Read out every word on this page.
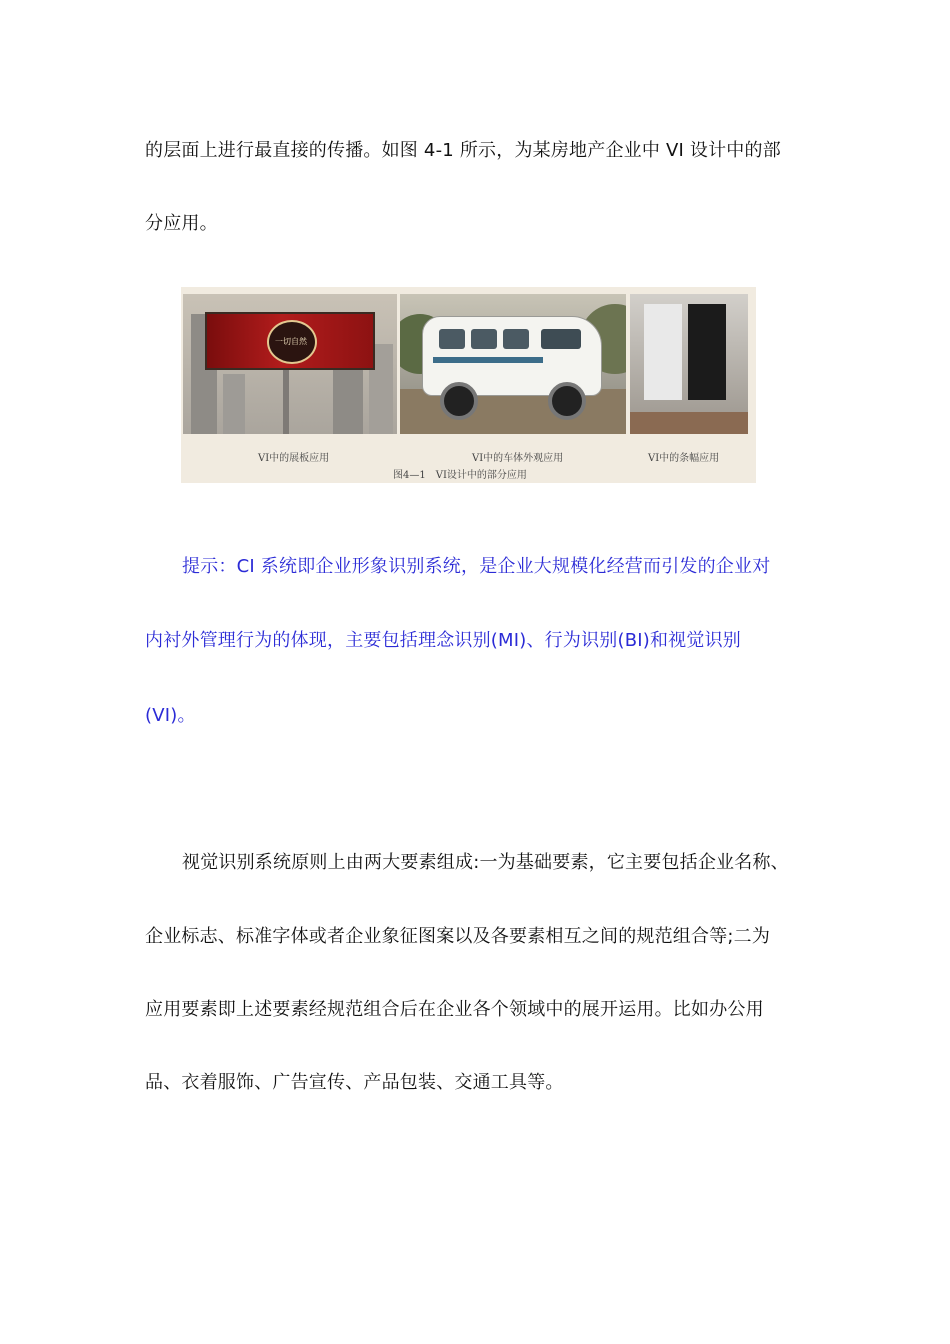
的层面上进行最直接的传播。如图 4-1 所示，为某房地产企业中 VI 设计中的部
分应用。
一切自然
VI中的展板应用	VI中的车体外观应用	VI中的条幅应用
图4—1　VI设计中的部分应用
提示：CI 系统即企业形象识别系统，是企业大规模化经营而引发的企业对
内衬外管理行为的体现，主要包括理念识别(MI)、行为识别(BI)和视觉识别
(VI)。
视觉识别系统原则上由两大要素组成:一为基础要素，它主要包括企业名称、
企业标志、标准字体或者企业象征图案以及各要素相互之间的规范组合等;二为
应用要素即上述要素经规范组合后在企业各个领域中的展开运用。比如办公用
品、衣着服饰、广告宣传、产品包装、交通工具等。
